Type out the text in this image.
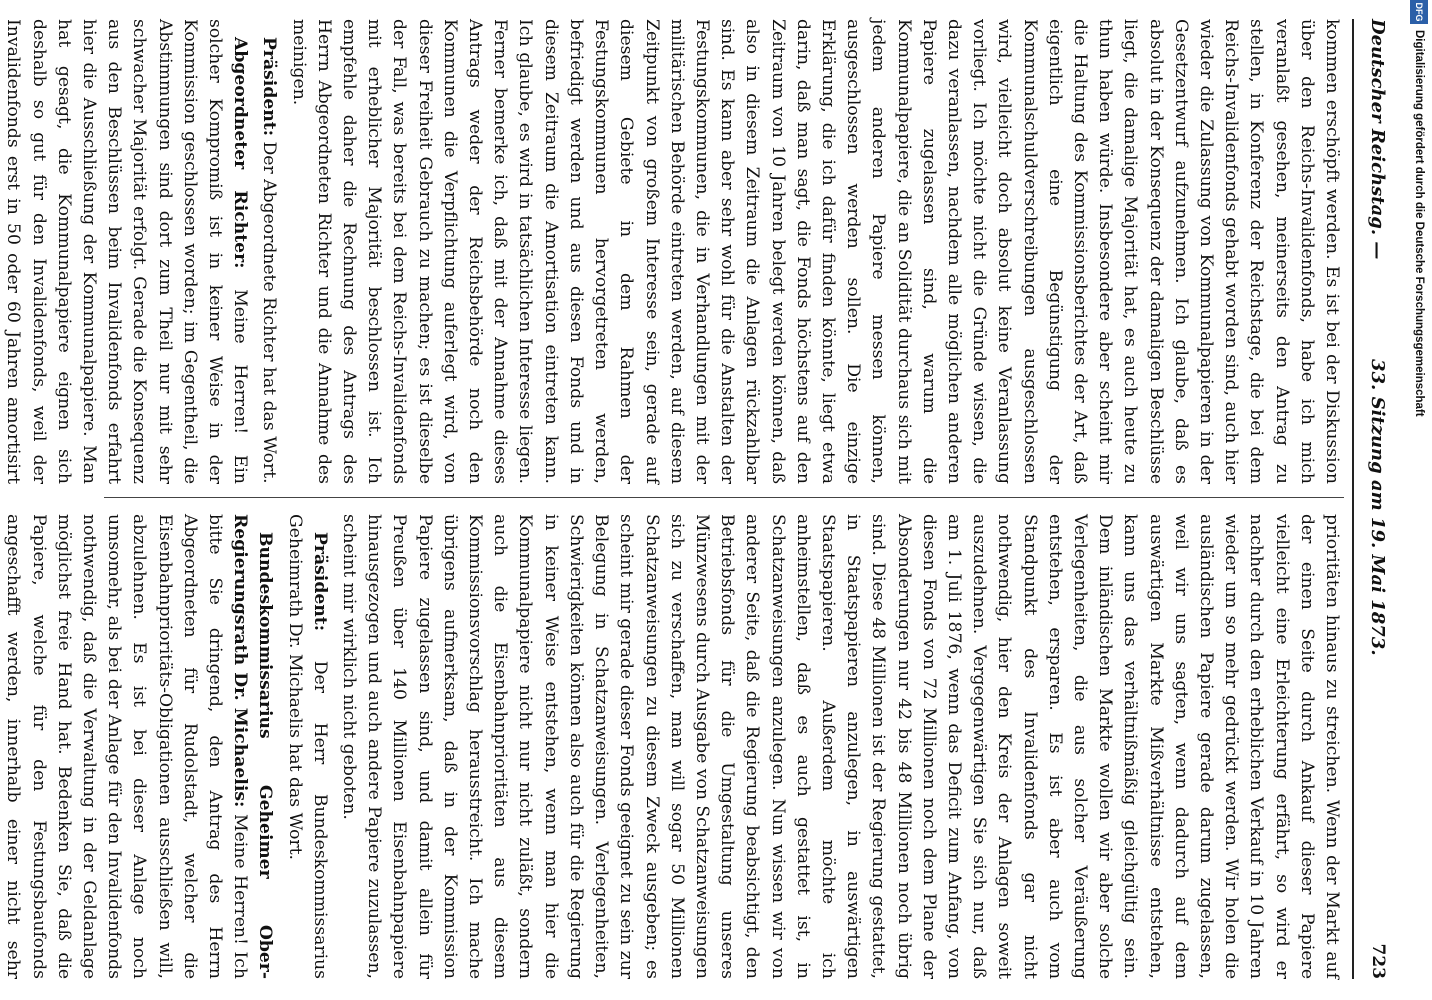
Deutscher Reichstag. —
33. Sitzung am 19. Mai 1873.
723

kommen erschöpft werden. Es ist bei der Diskussion über den Reichs-Invalidenfonds, habe ich mich veranlaßt gesehen, meinerseits den Antrag zu stellen, in Konferenz der Reichstage, die bei dem Reichs-Invalidenfonds gehabt worden sind, auch hier wieder die Zulassung von Kommunalpapieren in der Gesetzentwurf aufzunehmen. Ich glaube, daß es absolut in der Konsequenz der damaligen Beschlüsse liegt, die damalige Majorität hat, es auch heute zu thun haben würde. Insbesondere aber scheint mir die Haltung des Kommissionsberichtes der Art, daß eigentlich eine Begünstigung der Kommunalschuldverschreibungen ausgeschlossen wird, vielleicht doch absolut keine Veranlassung vorliegt. Ich möchte nicht die Gründe wissen, die dazu veranlassen, nachdem alle möglichen anderen Papiere zugelassen sind, warum die Kommunalpapiere, die an Solidität durchaus sich mit jedem anderen Papiere messen können, ausgeschlossen werden sollen. Die einzige Erklärung, die ich dafür finden könnte, liegt etwa darin, daß man sagt, die Fonds höchstens auf den Zeitraum von 10 Jahren belegt werden können, daß also in diesem Zeitraum die Anlagen rückzahlbar sind. Es kann aber sehr wohl für die Anstalten der Festungskommunen, die in Verhandlungen mit der militärischen Behörde eintreten werden, auf diesem Zeitpunkt von großem Interesse sein, gerade auf diesem Gebiete in dem Rahmen der Festungskommunen hervorgetreten werden, befriedigt werden und aus diesen Fonds und in diesem Zeitraum die Amortisation eintreten kann. Ich glaube, es wird in tatsächlichen Interesse liegen. Ferner bemerke ich, daß mit der Annahme dieses Antrags weder der Reichsbehörde noch den Kommunen die Verpflichtung auferlegt wird, von dieser Freiheit Gebrauch zu machen; es ist dieselbe der Fall, was bereits bei dem Reichs-Invalidenfonds mit erheblicher Majorität beschlossen ist. Ich empfehle daher die Rechnung des Antrags des Herrn Abgeordneten Richter und die Annahme des meinigen.

Präsident: Der Abgeordnete Richter hat das Wort.

Abgeordneter Richter: Meine Herren! Ein solcher Kompromiß ist in keiner Weise in der Kommission geschlossen worden; im Gegentheil, die Abstimmungen sind dort zum Theil nur mit sehr schwacher Majorität erfolgt. Gerade die Konsequenz aus den Beschlüssen beim Invalidenfonds erfahrt hier die Ausschließung der Kommunalpapiere. Man hat gesagt, die Kommunalpapiere eignen sich deshalb so gut für den Invalidenfonds, weil der Invalidenfonds erst in 50 oder 60 Jahren amortisirt

prioritäten hinaus zu streichen. Wenn der Markt auf der einen Seite durch Ankauf dieser Papiere vielleicht eine Erleichterung erfährt, so wird er nachher durch den erheblichen Verkauf in 10 Jahren wieder um so mehr gedrückt werden. Wir holen die ausländischen Papiere gerade darum zugelassen, weil wir uns sagten, wenn dadurch auf dem auswärtigen Markte Mißverhältnisse entstehen, kann uns das verhältnißmäßig gleichgültig sein. Dem inländischen Markte wollen wir aber solche Verlegenheiten, die aus solcher Veräußerung entstehen, ersparen. Es ist aber auch vom Standpunkt des Invalidenfonds gar nicht nothwendig, hier den Kreis der Anlagen soweit auszudehnen. Vergegenwärtigen Sie sich nur, daß am 1. Juli 1876, wenn das Deficit zum Anfang, von diesen Fonds von 72 Millionen noch dem Plane der Absonderungen nur 42 bis 48 Millionen noch übrig sind. Diese 48 Millionen ist der Regierung gestattet, in Staatspapieren anzulegen, in auswärtigen Staatspapieren. Außerdem möchte ich anheimstellen, daß es auch gestattet ist, in Schatzanweisungen anzulegen. Nun wissen wir von anderer Seite, daß die Regierung beabsichtigt, den Betriebsfonds für die Umgestaltung unseres Münzwesens durch Ausgabe von Schatzanweisungen sich zu verschaffen, man will sogar 50 Millionen Schatzanweisungen zu diesem Zweck ausgeben; es scheint mir gerade dieser Fonds geeignet zu sein zur Belegung in Schatzanweisungen. Verlegenheiten, Schwierigkeiten können also auch für die Regierung in keiner Weise entstehen, wenn man hier die Kommunalpapiere nicht nur nicht zuläßt, sondern auch die Eisenbahnprioritäten aus diesem Kommissionsvorschlag herausstreicht. Ich mache übrigens aufmerksam, daß in der Kommission Papiere zugelassen sind, und damit allein für Preußen über 140 Millionen Eisenbahnpapiere hinausgezogen und auch andere Papiere zuzulassen, scheint mir wirklich nicht geboten.

Präsident: Der Herr Bundeskommissarius Geheimrath Dr. Michaelis hat das Wort.

Bundeskommissarius Geheimer Ober-Regierungsrath Dr. Michaelis: Meine Herren! Ich bitte Sie dringend, den Antrag des Herrn Abgeordneten für Rudolstadt, welcher die Eisenbahnprioritäts-Obligationen ausschließen will, abzulehnen. Es ist bei dieser Anlage noch umsomehr, als bei der Anlage für den Invalidenfonds nothwendig, daß die Verwaltung in der Geldanlage möglichst freie Hand hat. Bedenken Sie, daß die Papiere, welche für den Festungsbaufonds angeschafft werden, innerhalb einer nicht sehr

Digitalisierung gefördert durch die Deutsche Forschungsgemeinschaft
DFG
